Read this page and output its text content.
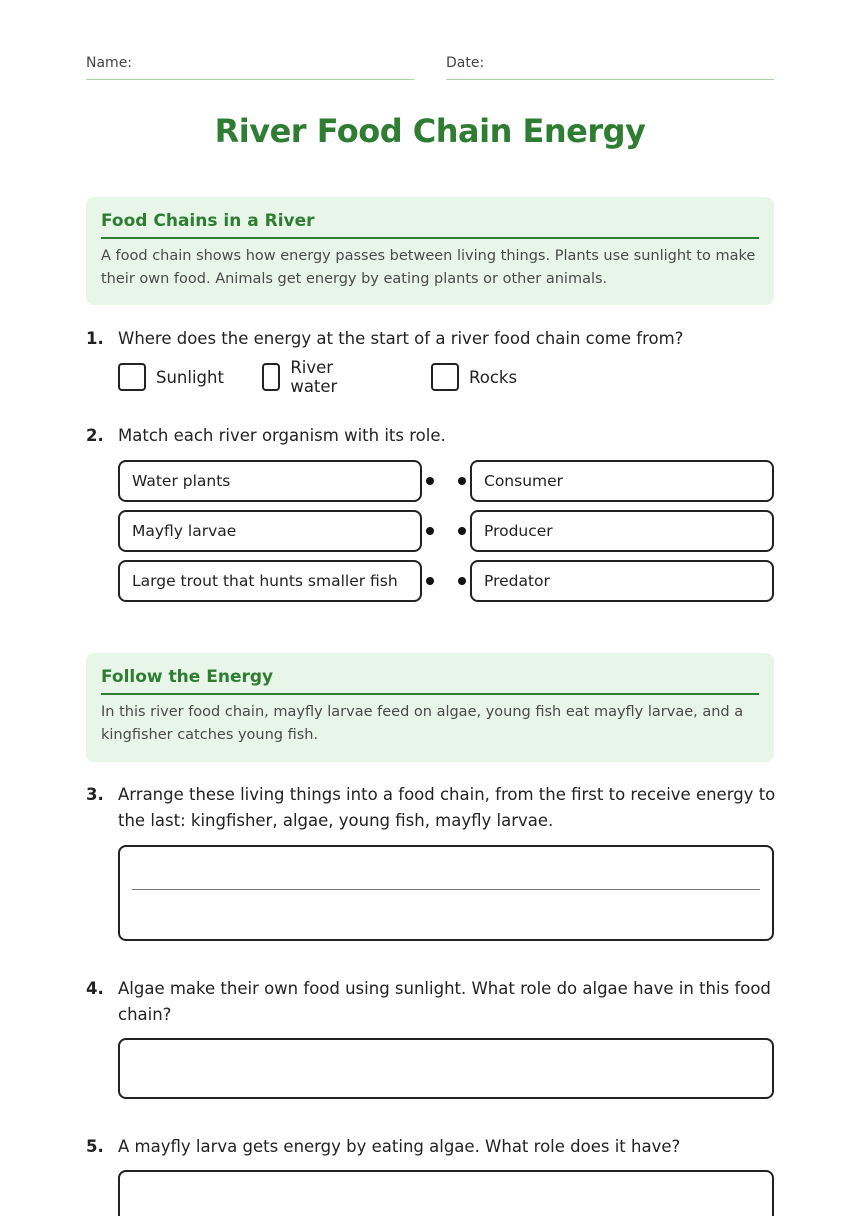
Name:	Date:
River Food Chain Energy
Food Chains in a River

A food chain shows how energy passes between living things. Plants use sunlight to make their own food. Animals get energy by eating plants or other animals.

1. Where does the energy at the start of a river food chain come from?
Sunlight	River water	Rocks
2. Match each river organism with its role.
Water plants	Consumer
Mayfly larvae	Producer
Large trout that hunts smaller fish	Predator
Follow the Energy

In this river food chain, mayfly larvae feed on algae, young fish eat mayfly larvae, and a kingfisher catches young fish.

3. Arrange these living things into a food chain, from the first to receive energy to the last: kingfisher, algae, young fish, mayfly larvae.
4. Algae make their own food using sunlight. What role do algae have in this food chain?
5. A mayfly larva gets energy by eating algae. What role does it have?
